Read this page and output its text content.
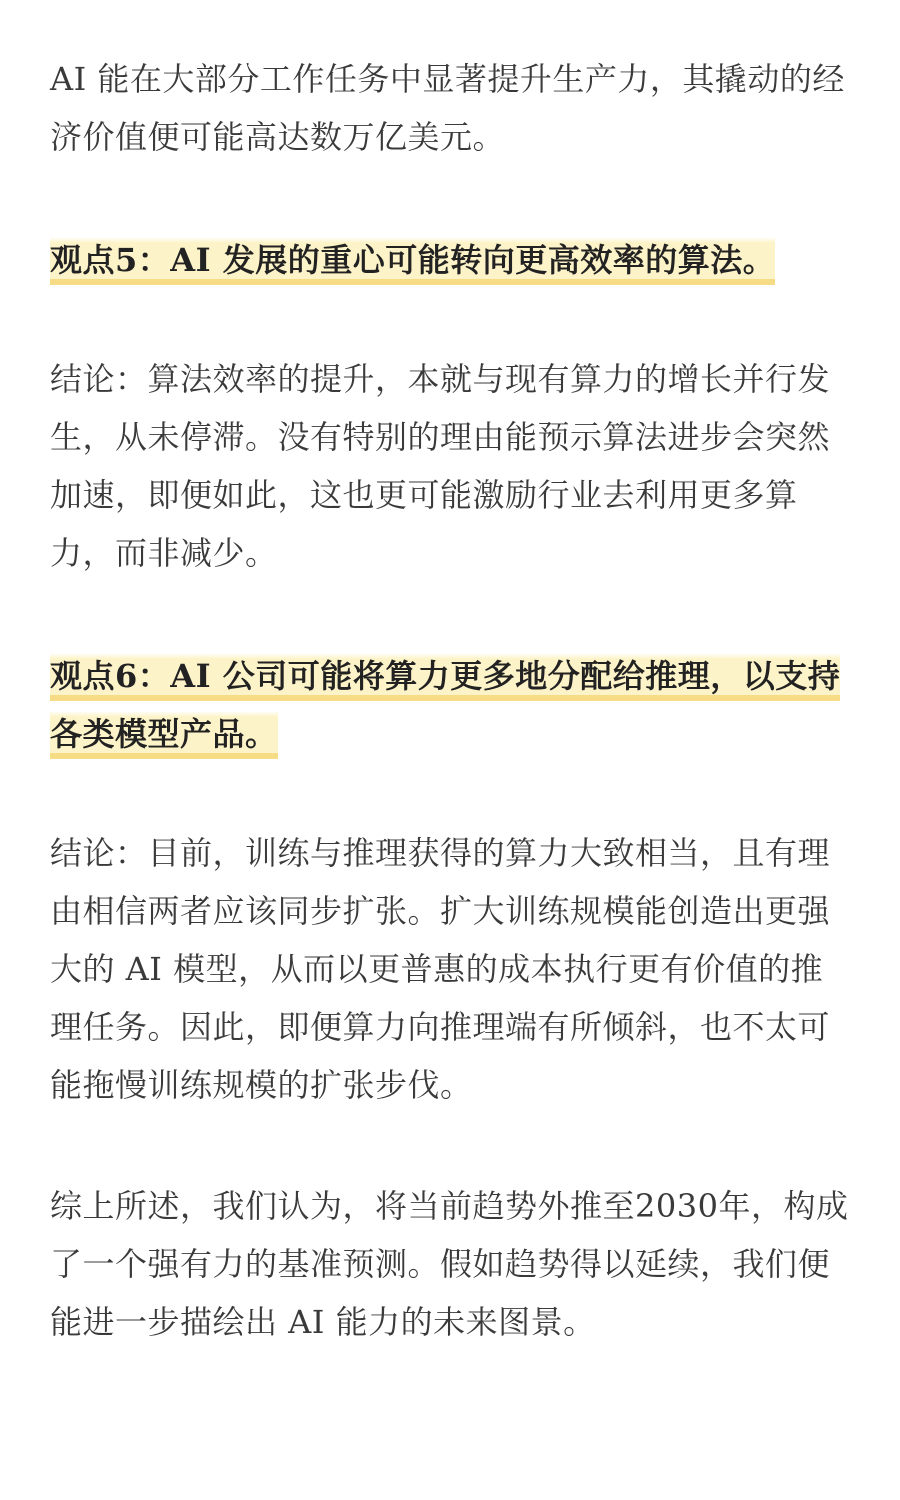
AI 能在大部分工作任务中显著提升生产力，其撬动的经济价值便可能高达数万亿美元。

观点5：AI 发展的重心可能转向更高效率的算法。

结论：算法效率的提升，本就与现有算力的增长并行发生，从未停滞。没有特别的理由能预示算法进步会突然加速，即便如此，这也更可能激励行业去利用更多算力，而非减少。

观点6：AI 公司可能将算力更多地分配给推理，以支持各类模型产品。

结论：目前，训练与推理获得的算力大致相当，且有理由相信两者应该同步扩张。扩大训练规模能创造出更强大的 AI 模型，从而以更普惠的成本执行更有价值的推理任务。因此，即便算力向推理端有所倾斜，也不太可能拖慢训练规模的扩张步伐。

综上所述，我们认为，将当前趋势外推至2030年，构成了一个强有力的基准预测。假如趋势得以延续，我们便能进一步描绘出 AI 能力的未来图景。
